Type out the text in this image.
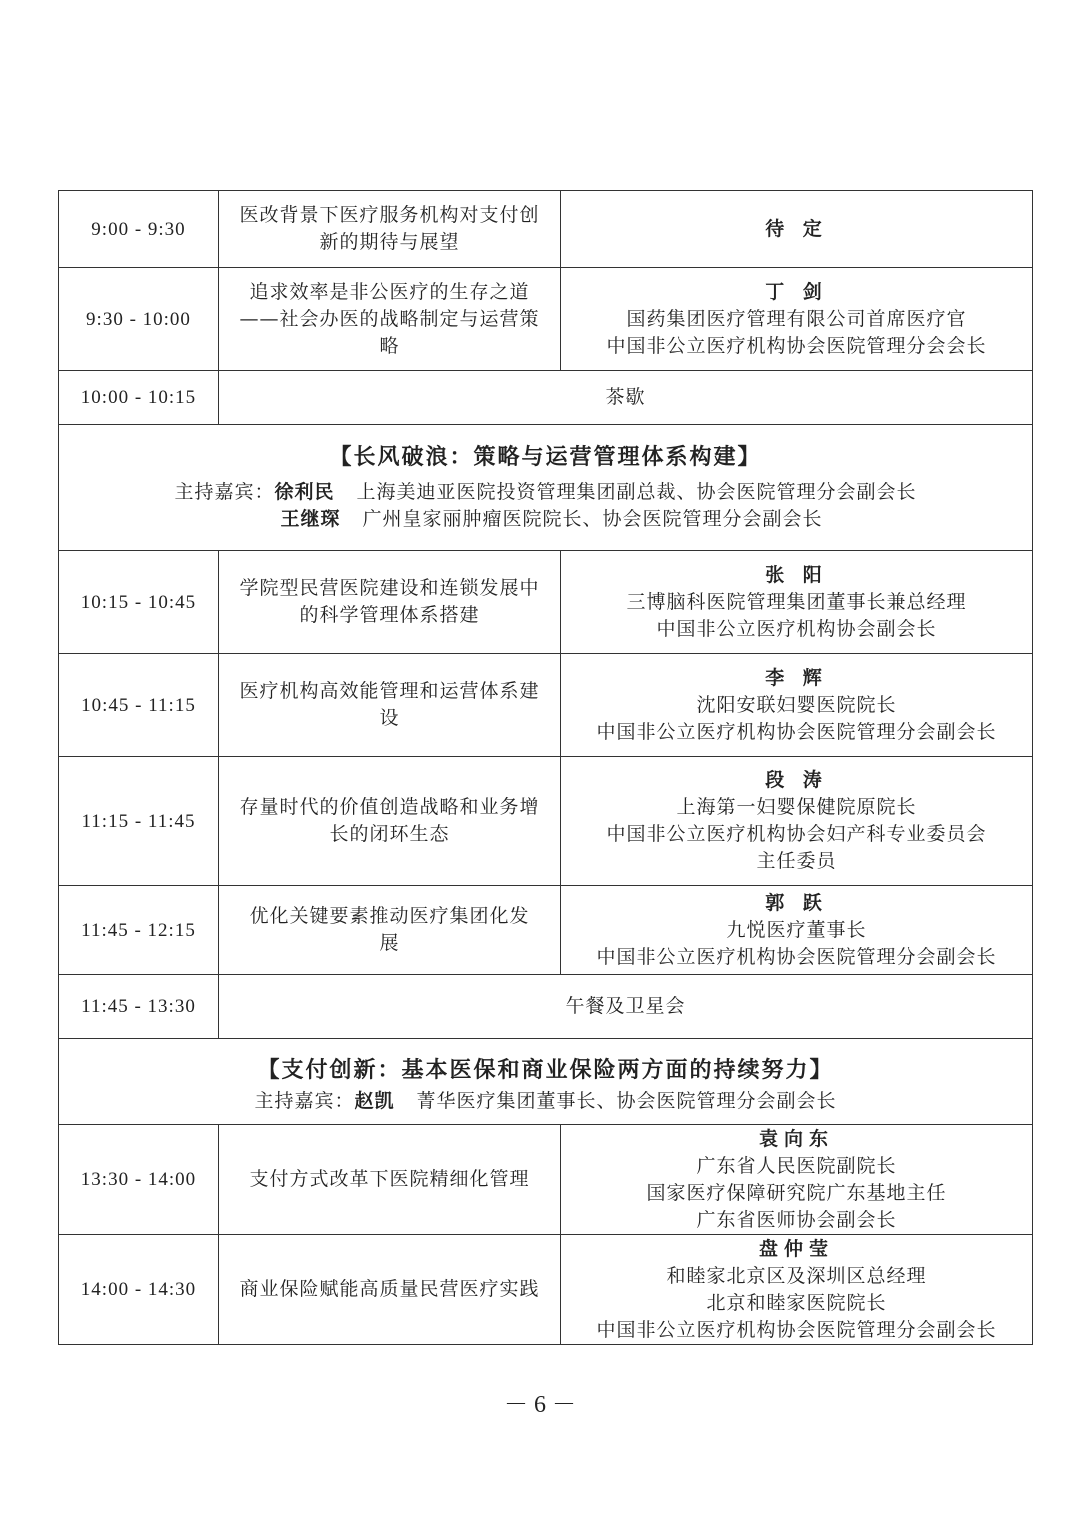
9:00 - 9:30	医改背景下医疗服务机构对支付创新的期待与展望	待 定

9:30 - 10:00	追求效率是非公医疗的生存之道——社会办医的战略制定与运营策略	丁 剑
国药集团医疗管理有限公司首席医疗官
中国非公立医疗机构协会医院管理分会会长

10:00 - 10:15	茶歇	

【长风破浪：策略与运营管理体系构建】
主持嘉宾：徐利民 上海美迪亚医院投资管理集团副总裁、协会医院管理分会副会长
王继琛 广州皇家丽肿瘤医院院长、协会医院管理分会副会长		

10:15 - 10:45	学院型民营医院建设和连锁发展中的科学管理体系搭建	张 阳
三博脑科医院管理集团董事长兼总经理
中国非公立医疗机构协会副会长

10:45 - 11:15	医疗机构高效能管理和运营体系建设	李 辉
沈阳安联妇婴医院院长
中国非公立医疗机构协会医院管理分会副会长

11:15 - 11:45	存量时代的价值创造战略和业务增长的闭环生态	段 涛
上海第一妇婴保健院原院长
中国非公立医疗机构协会妇产科专业委员会
主任委员

11:45 - 12:15	优化关键要素推动医疗集团化发展	郭 跃
九悦医疗董事长
中国非公立医疗机构协会医院管理分会副会长

11:45 - 13:30	午餐及卫星会	

【支付创新：基本医保和商业保险两方面的持续努力】
主持嘉宾：赵凯 菁华医疗集团董事长、协会医院管理分会副会长		

13:30 - 14:00	支付方式改革下医院精细化管理	袁向东
广东省人民医院副院长
国家医疗保障研究院广东基地主任
广东省医师协会副会长

14:00 - 14:30	商业保险赋能高质量民营医疗实践	盘仲莹
和睦家北京区及深圳区总经理
北京和睦家医院院长
中国非公立医疗机构协会医院管理分会副会长
－ 6 －
